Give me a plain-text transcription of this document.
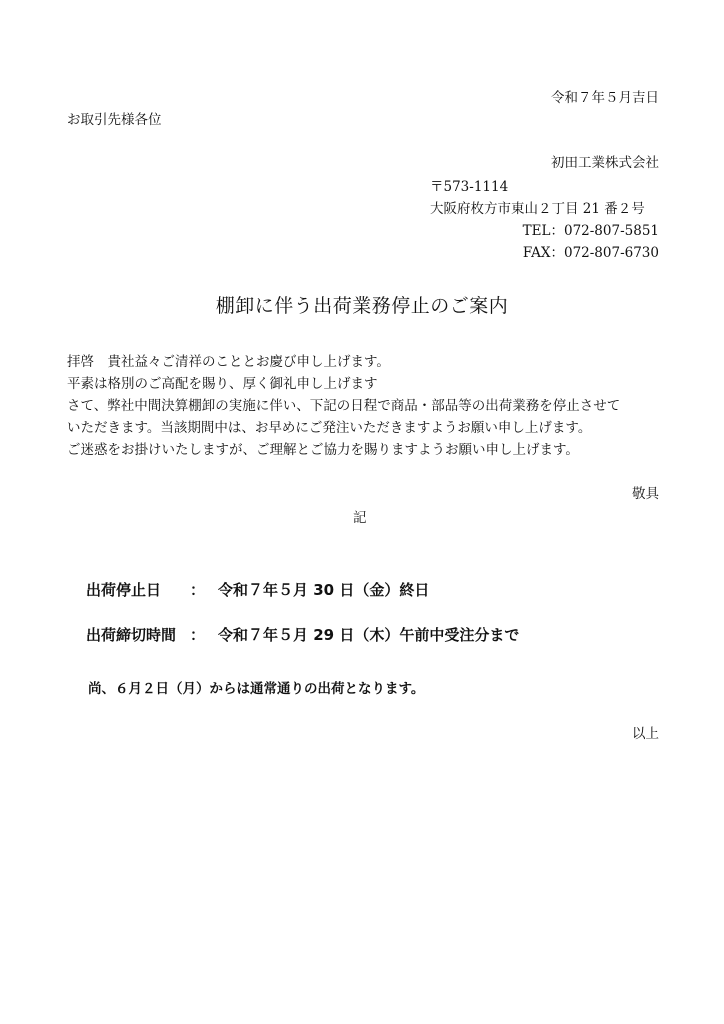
令和７年５月吉日
お取引先様各位
初田工業株式会社
〒573-1114
大阪府枚方市東山２丁目 21 番２号
TEL：072-807-5851
FAX：072-807-6730
棚卸に伴う出荷業務停止のご案内
拝啓　貴社益々ご清祥のこととお慶び申し上げます。
平素は格別のご高配を賜り、厚く御礼申し上げます
さて、弊社中間決算棚卸の実施に伴い、下記の日程で商品・部品等の出荷業務を停止させて
いただきます。当該期間中は、お早めにご発注いただきますようお願い申し上げます。
ご迷惑をお掛けいたしますが、ご理解とご協力を賜りますようお願い申し上げます。
敬具
記
出荷停止日 ： 令和７年５月 30 日（金）終日
出荷締切時間 ： 令和７年５月 29 日（木）午前中受注分まで
尚、６月２日（月）からは通常通りの出荷となります。
以上
